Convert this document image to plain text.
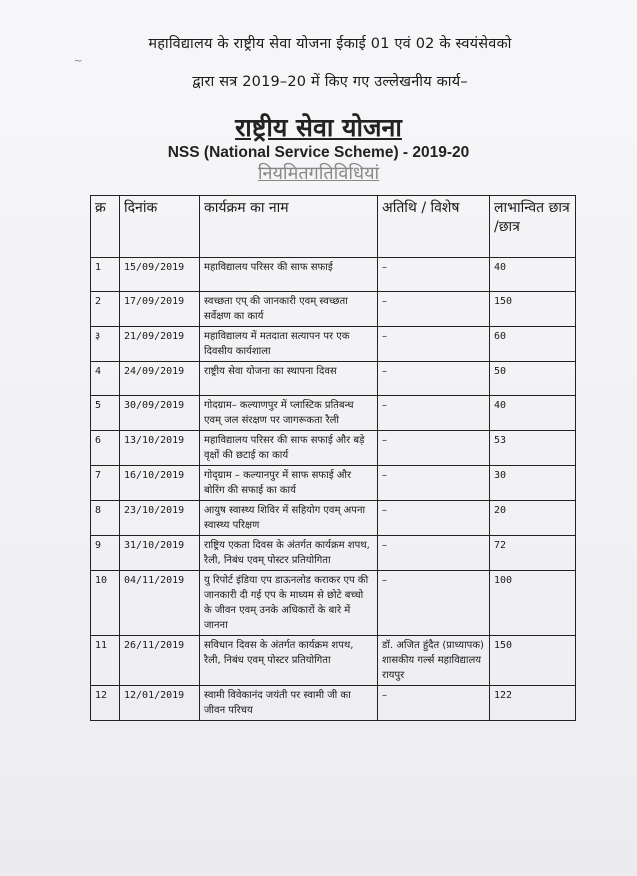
महाविद्यालय के राष्ट्रीय सेवा योजना ईकाई 01 एवं 02 के स्वयंसेवको
~
द्वारा सत्र 2019–20 में किए गए उल्लेखनीय कार्य–
राष्ट्रीय सेवा योजना
NSS (National Service Scheme) - 2019-20
नियमितगतिविधियां
क्र	दिनांक	कार्यक्रम का नाम	अतिथि / विशेष	लाभान्वित छात्र /छात्र
1	15/09/2019	महाविद्यालय परिसर की साफ सफाई	–	40
2	17/09/2019	स्वच्छता एप् की जानकारी एवम् स्वच्छता सर्वेक्षण का कार्य	–	150
३	21/09/2019	महाविद्यालय में मतदाता सत्यापन पर एक दिवसीय कार्यशाला	–	60
4	24/09/2019	राष्ट्रीय सेवा योजना का स्थापना दिवस	–	50
5	30/09/2019	गोदग्राम– कल्याणपुर में प्लास्टिक प्रतिबन्ध एवम् जल संरक्षण पर जागरूकता रैली	–	40
6	13/10/2019	महाविद्यालय परिसर की साफ सफाई और बड़े वृक्षों की छटाई का कार्य	–	53
7	16/10/2019	गोद्ग्राम – कल्यानपुर में साफ सफाई और बोरिंग की सफाई का कार्य	–	30
8	23/10/2019	आयुष स्वास्थ्य शिविर में सहियोग एवम् अपना स्वास्थ्य परिक्षण	–	20
9	31/10/2019	राष्ट्रिय एकता दिवस के अंतर्गत कार्यक्रम शपथ, रैली, निबंध एवम् पोस्टर प्रतियोगिता	–	72
10	04/11/2019	यु रिपोर्ट इंडिया एप डाऊनलोड कराकर एप की जानकारी दी गई एप के माध्यम से छोटे बच्चो के जीवन एवम् उनके अधिकारों के बारे में जानना	–	100
11	26/11/2019	सविधान दिवस के अंतर्गत कार्यक्रम शपथ, रैली, निबंध एवम् पोस्टर प्रतियोगिता	डॉ. अजित हुंदैत (प्राध्यापक) शासकीय गर्ल्स महाविद्यालय रायपुर	150
12	12/01/2019	स्वामी विवेकानंद जयंती पर स्वामी जी का जीवन परिचय	–	122
